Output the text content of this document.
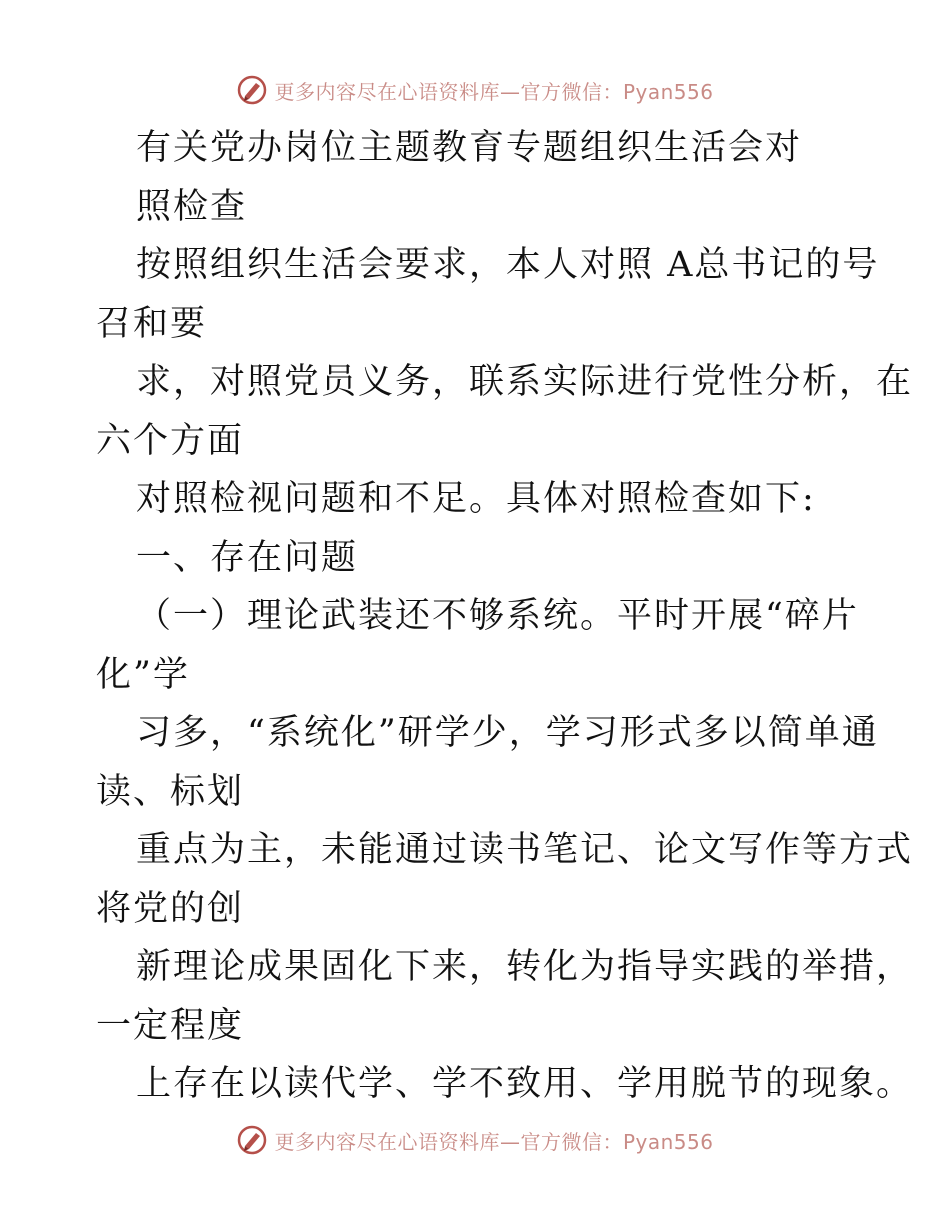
更多内容尽在心语资料库—官方微信：Pyan556
有关党办岗位主题教育专题组织生活会对
照检查
按照组织生活会要求，本人对照 A总书记的号
召和要
求，对照党员义务，联系实际进行党性分析，在
六个方面
对照检视问题和不足。具体对照检查如下:
一、存在问题
（一）理论武装还不够系统。平时开展“碎片
化”学
习多，“系统化”研学少，学习形式多以简单通
读、标划
重点为主，未能通过读书笔记、论文写作等方式
将党的创
新理论成果固化下来，转化为指导实践的举措，
一定程度
上存在以读代学、学不致用、学用脱节的现象。
更多内容尽在心语资料库—官方微信：Pyan556
